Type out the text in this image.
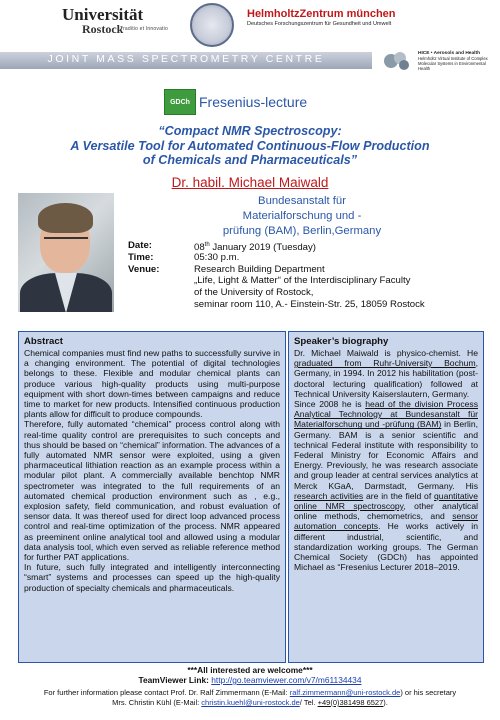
Universität
Rostock
Traditio et Innovatio
HelmholtzZentrum münchen
Deutsches Forschungszentrum für Gesundheit und Umwelt
JOINT MASS SPECTROMETRY CENTRE	HICE • Aerosols and Health
Helmholtz Virtual Institute of Complex Molecular Systems in Environmental Health
GDCh Fresenius-lecture
“Compact NMR Spectroscopy:
A Versatile Tool for Automated Continuous-Flow Production
of Chemicals and Pharmaceuticals”
Dr. habil. Michael Maiwald
Bundesanstalt für Materialforschung und -
prüfung (BAM), Berlin,Germany
Date:	08th January 2019 (Tuesday)
Time:	05:30 p.m.
Venue:	Research Building Department
„Life, Light & Matter“ of the Interdisciplinary Faculty
of the University of Rostock,
seminar room 110, A.- Einstein-Str. 25, 18059 Rostock
Abstract

Chemical companies must find new paths to successfully survive in a changing environment. The potential of digital technologies belongs to these. Flexible and modular chemical plants can produce various high-quality products using multi-purpose equipment with short down-times between campaigns and reduce time to market for new products. Intensified continuous production plants allow for difficult to produce compounds.

Therefore, fully automated “chemical” process control along with real-time quality control are prerequisites to such concepts and thus should be based on “chemical” information. The advances of a fully automated NMR sensor were exploited, using a given pharmaceutical lithiation reaction as an example process within a modular pilot plant. A commercially available benchtop NMR spectrometer was integrated to the full requirements of an automated chemical production environment such as , e.g., explosion safety, field communication, and robust evaluation of sensor data. It was thereof used for direct loop advanced process control and real-time optimization of the process. NMR appeared as preeminent online analytical tool and allowed using a modular data analysis tool, which even served as reliable reference method for further PAT applications.

In future, such fully integrated and intelligently interconnecting “smart” systems and processes can speed up the high-quality production of specialty chemicals and pharmaceuticals.

Speaker’s biography

Dr. Michael Maiwald is physico-chemist. He graduated from Ruhr-University Bochum, Germany, in 1994. In 2012 his habilitation (post-doctoral lecturing qualification) followed at Technical University Kaiserslautern, Germany.
Since 2008 he is head of the division Process Analytical Technology at Bundesanstalt für Materialforschung und -prüfung (BAM) in Berlin, Germany. BAM is a senior scientific and technical Federal institute with responsibility to Federal Ministry for Economic Affairs and Energy. Previously, he was research associate and group leader at central services analytics at Merck KGaA, Darmstadt, Germany. His research activities are in the field of quantitative online NMR spectroscopy, other analytical online methods, chemometrics, and sensor automation concepts. He works actively in different industrial, scientific, and standardization working groups. The German Chemical Society (GDCh) has appointed Michael as “Fresenius Lecturer 2018–2019.

***All interested are welcome***
TeamViewer Link: http://go.teamviewer.com/v7/m61134434
For further information please contact Prof. Dr. Ralf Zimmermann (E-Mail: ralf.zimmermann@uni-rostock.de) or his secretary
Mrs. Christin Kühl (E-Mail: christin.kuehl@uni-rostock.de/ Tel. +49(0)381498 6527).
